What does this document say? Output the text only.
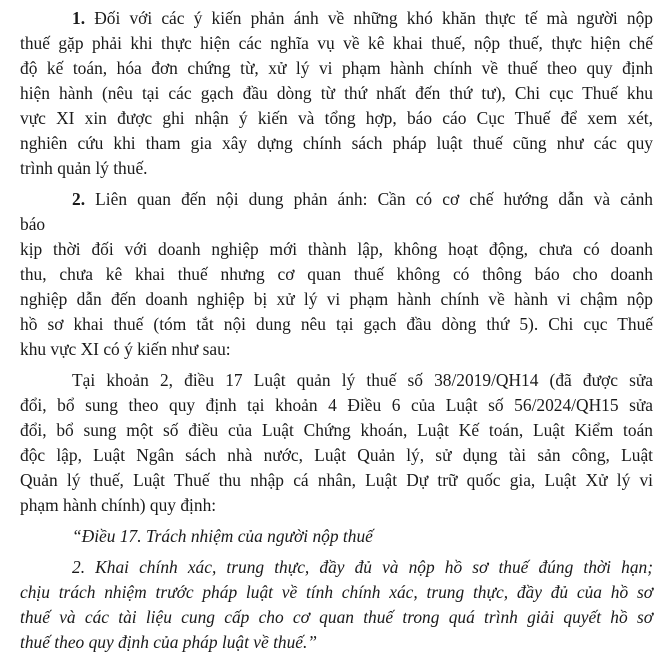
1. Đối với các ý kiến phản ánh về những khó khăn thực tế mà người nộp
thuế gặp phải khi thực hiện các nghĩa vụ về kê khai thuế, nộp thuế, thực hiện chế
độ kế toán, hóa đơn chứng từ, xử lý vi phạm hành chính về thuế theo quy định
hiện hành (nêu tại các gạch đầu dòng từ thứ nhất đến thứ tư), Chi cục Thuế khu
vực XI xin được ghi nhận ý kiến và tổng hợp, báo cáo Cục Thuế để xem xét,
nghiên cứu khi tham gia xây dựng chính sách pháp luật thuế cũng như các quy
trình quản lý thuế.
2. Liên quan đến nội dung phản ánh: Cần có cơ chế hướng dẫn và cảnh
báo
kịp thời đối với doanh nghiệp mới thành lập, không hoạt động, chưa có doanh
thu, chưa kê khai thuế nhưng cơ quan thuế không có thông báo cho doanh
nghiệp dẫn đến doanh nghiệp bị xử lý vi phạm hành chính về hành vi chậm nộp
hồ sơ khai thuế (tóm tắt nội dung nêu tại gạch đầu dòng thứ 5). Chi cục Thuế
khu vực XI có ý kiến như sau:
Tại khoản 2, điều 17 Luật quản lý thuế số 38/2019/QH14 (đã được sửa
đổi, bổ sung theo quy định tại khoản 4 Điều 6 của Luật số 56/2024/QH15 sửa
đổi, bổ sung một số điều của Luật Chứng khoán, Luật Kế toán, Luật Kiểm toán
độc lập, Luật Ngân sách nhà nước, Luật Quản lý, sử dụng tài sản công, Luật
Quản lý thuế, Luật Thuế thu nhập cá nhân, Luật Dự trữ quốc gia, Luật Xử lý vi
phạm hành chính) quy định:
“Điều 17. Trách nhiệm của người nộp thuế
2. Khai chính xác, trung thực, đầy đủ và nộp hồ sơ thuế đúng thời hạn;
chịu trách nhiệm trước pháp luật về tính chính xác, trung thực, đầy đủ của hồ sơ
thuế và các tài liệu cung cấp cho cơ quan thuế trong quá trình giải quyết hồ sơ
thuế theo quy định của pháp luật về thuế.”
